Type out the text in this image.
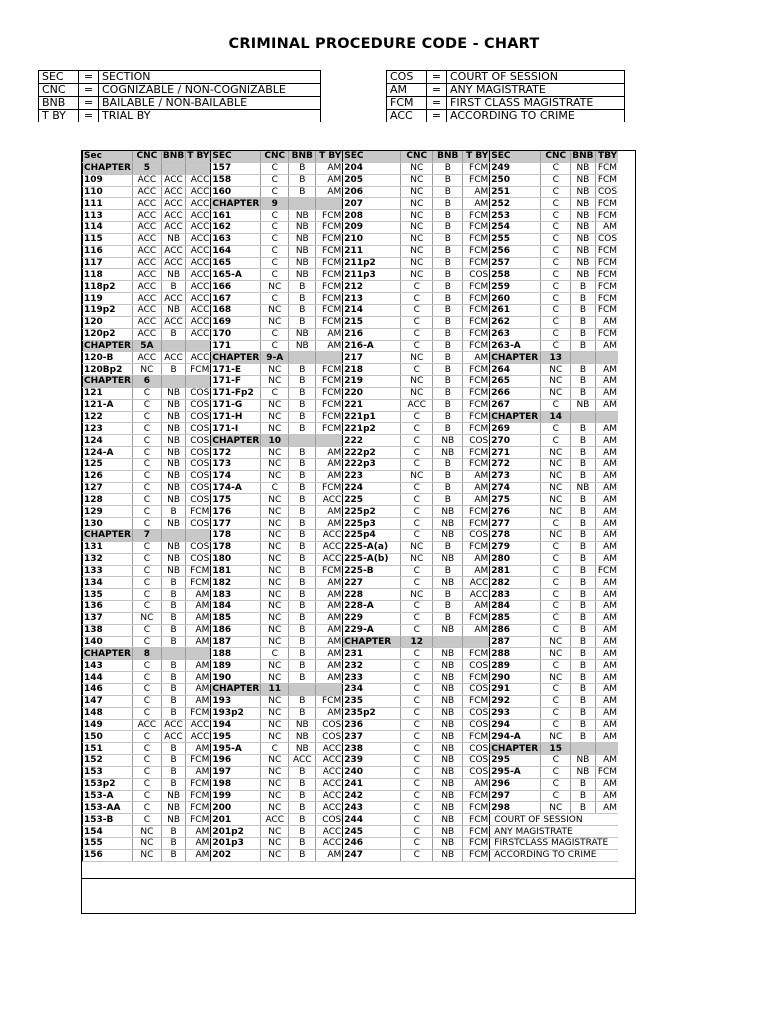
CRIMINAL PROCEDURE CODE - CHART
SEC	=	SECTION
CNC	=	COGNIZABLE / NON-COGNIZABLE
BNB	=	BAILABLE / NON-BAILABLE
T BY	=	TRIAL BY
COS	=	COURT OF SESSION
AM	=	ANY MAGISTRATE
FCM	=	FIRST CLASS MAGISTRATE
ACC	=	ACCORDING TO CRIME
Sec	CNC	BNB	T BY	SEC	CNC	BNB	T BY	SEC	CNC	BNB	T BY	SEC	CNC	BNB	TBY
CHAPTER	5			157	C	B	AM	204	NC	B	FCM	249	C	NB	FCM
109	ACC	ACC	ACC	158	C	B	AM	205	NC	B	FCM	250	C	NB	FCM
110	ACC	ACC	ACC	160	C	B	AM	206	NC	B	AM	251	C	NB	COS
111	ACC	ACC	ACC	CHAPTER	9			207	NC	B	AM	252	C	NB	FCM
113	ACC	ACC	ACC	161	C	NB	FCM	208	NC	B	FCM	253	C	NB	FCM
114	ACC	ACC	ACC	162	C	NB	FCM	209	NC	B	FCM	254	C	NB	AM
115	ACC	NB	ACC	163	C	NB	FCM	210	NC	B	FCM	255	C	NB	COS
116	ACC	ACC	ACC	164	C	NB	FCM	211	NC	B	FCM	256	C	NB	FCM
117	ACC	ACC	ACC	165	C	NB	FCM	211p2	NC	B	FCM	257	C	NB	FCM
118	ACC	NB	ACC	165-A	C	NB	FCM	211p3	NC	B	COS	258	C	NB	FCM
118p2	ACC	B	ACC	166	NC	B	FCM	212	C	B	FCM	259	C	B	FCM
119	ACC	ACC	ACC	167	C	B	FCM	213	C	B	FCM	260	C	B	FCM
119p2	ACC	NB	ACC	168	NC	B	FCM	214	C	B	FCM	261	C	B	FCM
120	ACC	ACC	ACC	169	NC	B	FCM	215	C	B	FCM	262	C	B	AM
120p2	ACC	B	ACC	170	C	NB	AM	216	C	B	FCM	263	C	B	FCM
CHAPTER	5A			171	C	NB	AM	216-A	C	B	FCM	263-A	C	B	AM
120-B	ACC	ACC	ACC	CHAPTER	9-A			217	NC	B	AM	CHAPTER	13		
120Bp2	NC	B	FCM	171-E	NC	B	FCM	218	C	B	FCM	264	NC	B	AM
CHAPTER	6			171-F	NC	B	FCM	219	NC	B	FCM	265	NC	B	AM
121	C	NB	COS	171-Fp2	C	B	FCM	220	NC	B	FCM	266	NC	B	AM
121-A	C	NB	COS	171-G	NC	B	FCM	221	ACC	B	FCM	267	C	NB	AM
122	C	NB	COS	171-H	NC	B	FCM	221p1	C	B	FCM	CHAPTER	14		
123	C	NB	COS	171-I	NC	B	FCM	221p2	C	B	FCM	269	C	B	AM
124	C	NB	COS	CHAPTER	10			222	C	NB	COS	270	C	B	AM
124-A	C	NB	COS	172	NC	B	AM	222p2	C	NB	FCM	271	NC	B	AM
125	C	NB	COS	173	NC	B	AM	222p3	C	B	FCM	272	NC	B	AM
126	C	NB	COS	174	NC	B	AM	223	NC	B	AM	273	NC	B	AM
127	C	NB	COS	174-A	C	B	FCM	224	C	B	AM	274	NC	NB	AM
128	C	NB	COS	175	NC	B	ACC	225	C	B	AM	275	NC	B	AM
129	C	B	FCM	176	NC	B	AM	225p2	C	NB	FCM	276	NC	B	AM
130	C	NB	COS	177	NC	B	AM	225p3	C	NB	FCM	277	C	B	AM
CHAPTER	7			178	NC	B	ACC	225p4	C	NB	COS	278	NC	B	AM
131	C	NB	COS	178	NC	B	ACC	225-A(a)	NC	B	FCM	279	C	B	AM
132	C	NB	COS	180	NC	B	ACC	225-A(b)	NC	NB	AM	280	C	B	AM
133	C	NB	FCM	181	NC	B	FCM	225-B	C	B	AM	281	C	B	FCM
134	C	B	FCM	182	NC	B	AM	227	C	NB	ACC	282	C	B	AM
135	C	B	AM	183	NC	B	AM	228	NC	B	ACC	283	C	B	AM
136	C	B	AM	184	NC	B	AM	228-A	C	B	AM	284	C	B	AM
137	NC	B	AM	185	NC	B	AM	229	C	B	FCM	285	C	B	AM
138	C	B	AM	186	NC	B	AM	229-A	C	NB	AM	286	C	B	AM
140	C	B	AM	187	NC	B	AM	CHAPTER	12			287	NC	B	AM
CHAPTER	8			188	C	B	AM	231	C	NB	FCM	288	NC	B	AM
143	C	B	AM	189	NC	B	AM	232	C	NB	COS	289	C	B	AM
144	C	B	AM	190	NC	B	AM	233	C	NB	FCM	290	NC	B	AM
146	C	B	AM	CHAPTER	11			234	C	NB	COS	291	C	B	AM
147	C	B	AM	193	NC	B	FCM	235	C	NB	FCM	292	C	B	AM
148	C	B	FCM	193p2	NC	B	AM	235p2	C	NB	COS	293	C	B	AM
149	ACC	ACC	ACC	194	NC	NB	COS	236	C	NB	COS	294	C	B	AM
150	C	ACC	ACC	195	NC	NB	COS	237	C	NB	FCM	294-A	NC	B	AM
151	C	B	AM	195-A	C	NB	ACC	238	C	NB	COS	CHAPTER	15		
152	C	B	FCM	196	NC	ACC	ACC	239	C	NB	COS	295	C	NB	AM
153	C	B	AM	197	NC	B	ACC	240	C	NB	COS	295-A	C	NB	FCM
153p2	C	B	FCM	198	NC	B	ACC	241	C	NB	AM	296	C	B	AM
153-A	C	NB	FCM	199	NC	B	ACC	242	C	NB	FCM	297	C	B	AM
153-AA	C	NB	FCM	200	NC	B	ACC	243	C	NB	FCM	298	NC	B	AM
153-B	C	NB	FCM	201	ACC	B	COS	244	C	NB	FCM	COURT OF SESSION			
154	NC	B	AM	201p2	NC	B	ACC	245	C	NB	FCM	ANY MAGISTRATE			
155	NC	B	AM	201p3	NC	B	ACC	246	C	NB	FCM	FIRSTCLASS MAGISTRATE			
156	NC	B	AM	202	NC	B	AM	247	C	NB	FCM	ACCORDING TO CRIME			
